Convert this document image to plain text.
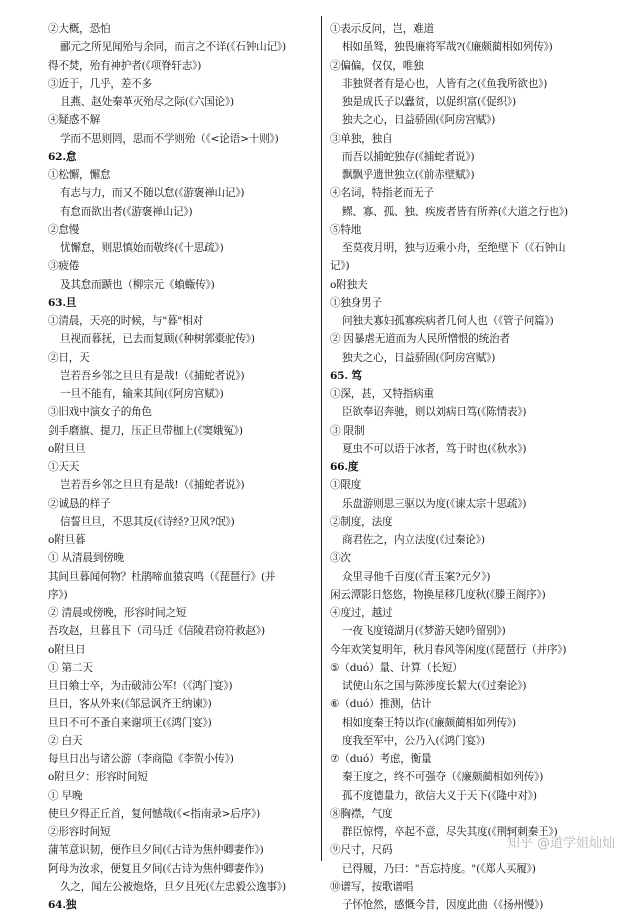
②大概，恐怕
郦元之所见闻殆与余同，而言之不详(《石钟山记》)
得不焚，殆有神护者(《项脊轩志》)
③近于，几乎，差不多
且燕、赵处秦革灭殆尽之际(《六国论》)
④疑惑不解
学而不思则罔，思而不学则殆（《<论语>十则》)
62.怠
①松懈，懈怠
有志与力，而又不随以怠(《游褒禅山记》)
有怠而欲出者(《游褒禅山记》)
②怠慢
忧懈怠，则思慎始而敬终(《十思疏》)
③疲倦
及其怠而踬也（柳宗元《蝜蝂传》)
63.旦
①清晨，天亮的时候，与"暮"相对
旦视而暮抚，已去而复顾(《种树郭橐驼传》)
②日，天
岂若吾乡邻之旦旦有是哉!（《捕蛇者说》)
一旦不能有，输来其间(《阿房宫赋》)
③旧戏中演女子的角色
剑手磨旗、提刀，压正旦带枷上(《窦娥冤》)
o附旦旦
①天天
岂若吾乡邻之旦旦有是哉!（《捕蛇者说》)
②诚恳的样子
信誓旦旦，不思其反(《诗经?卫风?氓》)
o附旦暮
① 从清晨到傍晚
其间旦暮闻何物？杜鹃啼血猿哀鸣（《琵琶行》(并
序》)
② 清晨或傍晚，形容时间之短
吾攻赵，旦暮且下（司马迁《信陵君窃符救赵》)
o附旦日
① 第二天
旦日飨士卒，为击破沛公军!（《鸿门宴》)
旦日，客从外来(《邹忌讽齐王纳谏》)
旦日不可不蚤自来谢项王(《鸿门宴》)
② 白天
每旦日出与诸公游（李商隐《李贺小传》)
o附旦夕：形容时间短
① 早晚
使旦夕得正丘首，复何憾哉(《<指南录>后序》)
②形容时间短
蒲苇意识韧，便作旦夕间(《古诗为焦仲卿妻作》)
阿母为汝求，便复且夕间(《古诗为焦仲卿妻作》)
久之，闻左公被炮烙，旦夕且死(《左忠毅公逸事》)
64.独
①表示反问，岂，难道
相如虽驽，独畏廉将军哉?(《廉颇蔺相如列传》)
②偏偏，仅仅，唯独
非独贤者有是心也，人皆有之(《鱼我所欲也》)
独是成氏子以蠹贫，以促织富(《促织》)
独夫之心，日益骄固(《阿房宫赋》)
③单独，独自
而吾以捕蛇独存(《捕蛇者说》)
飘飘乎遗世独立(《前赤壁赋》)
④名词，特指老而无子
鳏、寡、孤、独、疾废者皆有所养(《大道之行也》)
⑤特地
至莫夜月明，独与迈乘小舟，至绝壁下（《石钟山
记》)
o附独夫
①独身男子
问独夫寡妇孤寡疾病者几何人也（《管子问篇》)
② 因暴虐无道而为人民所憎恨的统治者
独夫之心，日益骄固(《阿房宫赋》)
65. 笃
①深，甚，又特指病重
臣欲奉诏奔驰，则以刘病日笃(《陈情表》)
③ 限制
夏虫不可以语于冰者，笃于时也(《秋水》)
66.度
①限度
乐盘游则思三驱以为度(《谏太宗十思疏》)
②制度，法度
商君佐之，内立法度(《过秦论》)
③次
众里寻他千百度(《青玉案?元夕》)
闲云潭影日悠悠，物换星移几度秋(《滕王阁序》)
④度过，越过
一夜飞度镜湖月(《梦游天姥吟留别》)
今年欢笑复明年，秋月春风等闲度(《琵琶行（并序》)
⑤（duó）量、计算（长短）
试使山东之国与陈涉度长絜大(《过秦论》)
⑥（duó）推测，估计
相如度秦王特以诈(《廉颇蔺相如列传》)
度我至军中，公乃入(《鸿门宴》)
⑦（duó）考虑，衡量
秦王度之，终不可强夺（《廉颇蔺相如列传》)
孤不度德量力，欲信大义于天下(《隆中对》)
⑧胸襟，气度
群臣惊愕，卒起不意，尽失其度(《荆轲刺秦王》)
⑨尺寸，尺码
已得履，乃曰："吾忘持度。"(《郑人买履》)
⑩谱写，按歌谱唱
子怀怆然，感慨今昔，因度此曲（《扬州慢》)
知乎 @道学姐灿灿
